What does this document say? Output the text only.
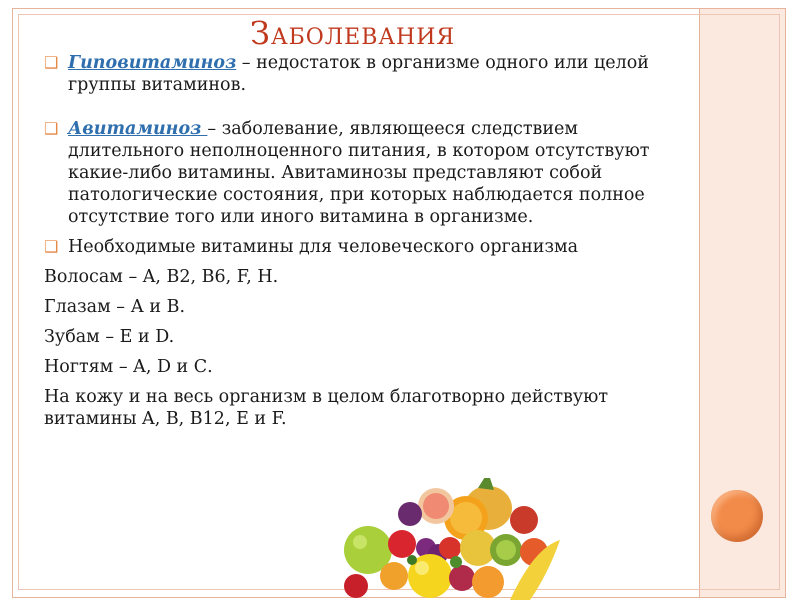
Заболевания
❑ Гиповитаминоз – недостаток в организме одного или целой группы витаминов.
❑ Авитаминоз – заболевание, являющееся следствием длительного неполноценного питания, в котором отсутствуют какие-либо витамины. Авитаминозы представляют собой патологические состояния, при которых наблюдается полное отсутствие того или иного витамина в организме.
❑ Необходимые витамины для человеческого организма
Волосам – A, B2, B6, F, H.
Глазам – А и В.
Зубам – E и D.
Ногтям – A, D и С.
На кожу и на весь организм в целом благотворно действуют витамины A, B, B12, E и F.
